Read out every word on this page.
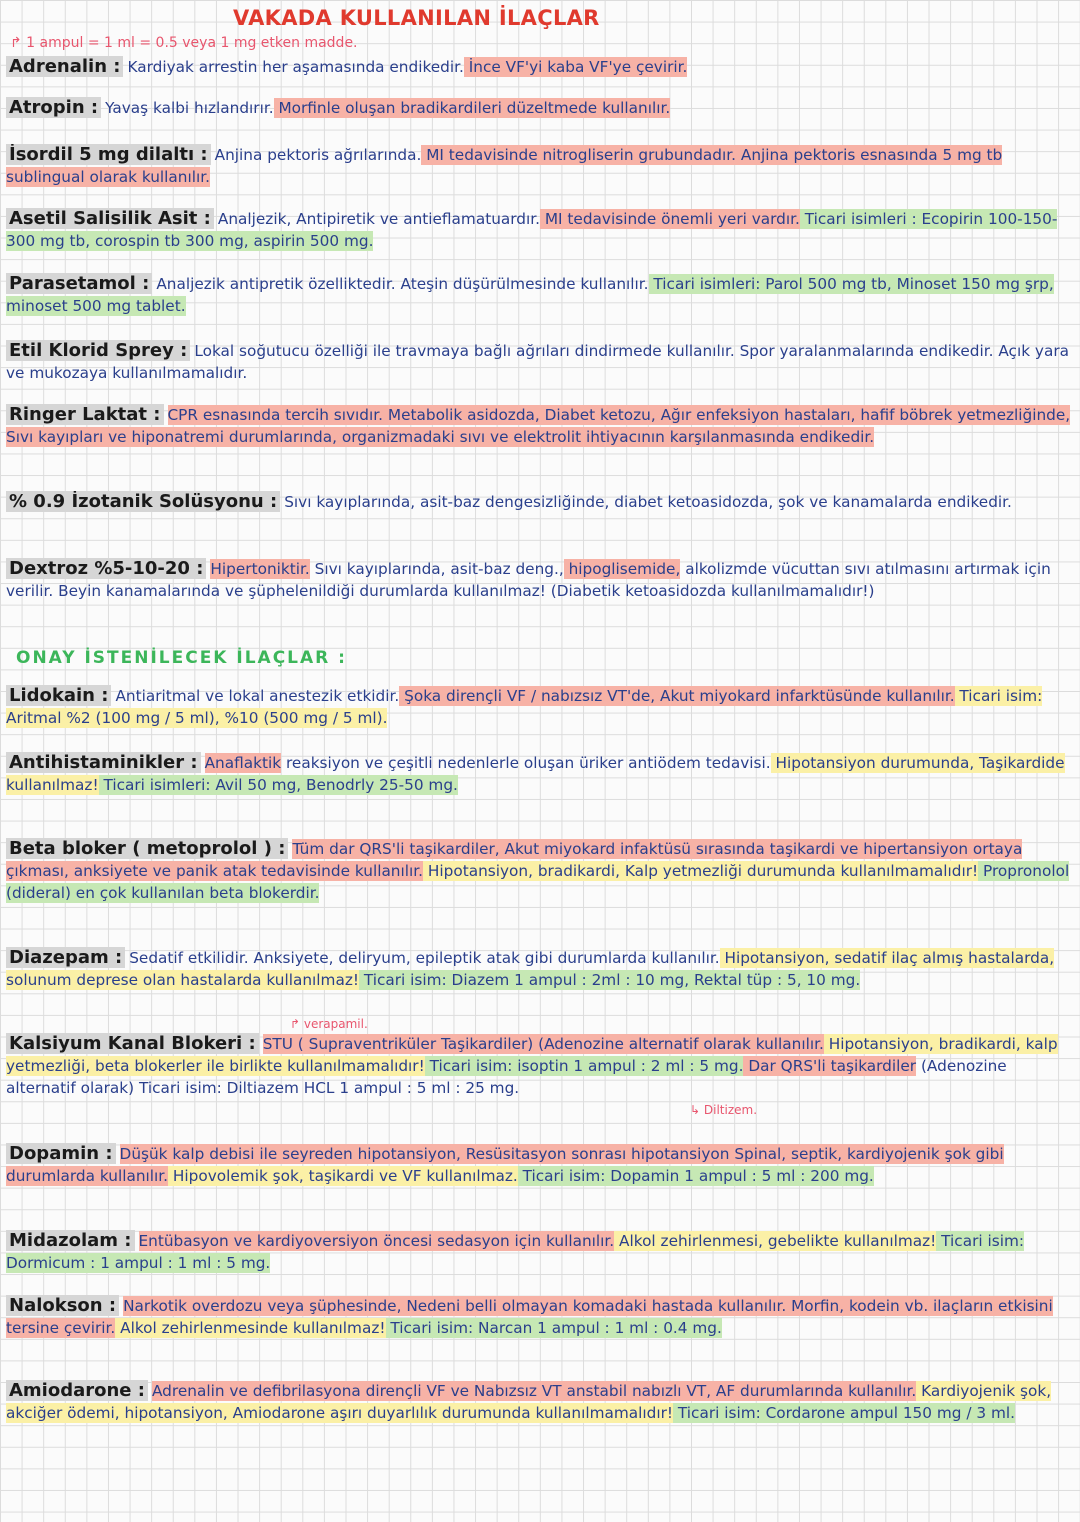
VAKADA KULLANILAN İLAÇLAR
↱ 1 ampul = 1 ml = 0.5 veya 1 mg etken madde.
Adrenalin : Kardiyak arrestin her aşamasında endikedir. İnce VF'yi kaba VF'ye çevirir.
Atropin : Yavaş kalbi hızlandırır. Morfinle oluşan bradikardileri düzeltmede kullanılır.
İsordil 5 mg dilaltı : Anjina pektoris ağrılarında. MI tedavisinde nitrogliserin grubundadır. Anjina pektoris esnasında 5 mg tb sublingual olarak kullanılır.
Asetil Salisilik Asit : Analjezik, Antipiretik ve antieflamatuardır. MI tedavisinde önemli yeri vardır. Ticari isimleri : Ecopirin 100-150-300 mg tb, corospin tb 300 mg, aspirin 500 mg.
Parasetamol : Analjezik antipretik özelliktedir. Ateşin düşürülmesinde kullanılır. Ticari isimleri: Parol 500 mg tb, Minoset 150 mg şrp, minoset 500 mg tablet.
Etil Klorid Sprey : Lokal soğutucu özelliği ile travmaya bağlı ağrıları dindirmede kullanılır. Spor yaralanmalarında endikedir. Açık yara ve mukozaya kullanılmamalıdır.
Ringer Laktat : CPR esnasında tercih sıvıdır. Metabolik asidozda, Diabet ketozu, Ağır enfeksiyon hastaları, hafif böbrek yetmezliğinde, Sıvı kayıpları ve hiponatremi durumlarında, organizmadaki sıvı ve elektrolit ihtiyacının karşılanmasında endikedir.
% 0.9 İzotanik Solüsyonu : Sıvı kayıplarında, asit-baz dengesizliğinde, diabet ketoasidozda, şok ve kanamalarda endikedir.
Dextroz %5-10-20 : Hipertoniktir. Sıvı kayıplarında, asit-baz deng., hipoglisemide, alkolizmde vücuttan sıvı atılmasını artırmak için verilir. Beyin kanamalarında ve şüphelenildiği durumlarda kullanılmaz! (Diabetik ketoasidozda kullanılmamalıdır!)
Lidokain : Antiaritmal ve lokal anestezik etkidir. Şoka dirençli VF / nabızsız VT'de, Akut miyokard infarktüsünde kullanılır. Ticari isim: Aritmal %2 (100 mg / 5 ml), %10 (500 mg / 5 ml).
Antihistaminikler : Anaflaktik reaksiyon ve çeşitli nedenlerle oluşan üriker antiödem tedavisi. Hipotansiyon durumunda, Taşikardide kullanılmaz! Ticari isimleri: Avil 50 mg, Benodrly 25-50 mg.
Beta bloker ( metoprolol ) : Tüm dar QRS'li taşikardiler, Akut miyokard infaktüsü sırasında taşikardi ve hipertansiyon ortaya çıkması, anksiyete ve panik atak tedavisinde kullanılır. Hipotansiyon, bradikardi, Kalp yetmezliği durumunda kullanılmamalıdır! Propronolol (dideral) en çok kullanılan beta blokerdir.
Diazepam : Sedatif etkilidir. Anksiyete, deliryum, epileptik atak gibi durumlarda kullanılır. Hipotansiyon, sedatif ilaç almış hastalarda, solunum deprese olan hastalarda kullanılmaz! Ticari isim: Diazem 1 ampul : 2ml : 10 mg, Rektal tüp : 5, 10 mg.
Kalsiyum Kanal Blokeri : STU ( Supraventriküler Taşikardiler) (Adenozine alternatif olarak kullanılır. Hipotansiyon, bradikardi, kalp yetmezliği, beta blokerler ile birlikte kullanılmamalıdır! Ticari isim: isoptin 1 ampul : 2 ml : 5 mg. Dar QRS'li taşikardiler (Adenozine alternatif olarak) Ticari isim: Diltiazem HCL 1 ampul : 5 ml : 25 mg.
Dopamin : Düşük kalp debisi ile seyreden hipotansiyon, Resüsitasyon sonrası hipotansiyon Spinal, septik, kardiyojenik şok gibi durumlarda kullanılır. Hipovolemik şok, taşikardi ve VF kullanılmaz. Ticari isim: Dopamin 1 ampul : 5 ml : 200 mg.
Midazolam : Entübasyon ve kardiyoversiyon öncesi sedasyon için kullanılır. Alkol zehirlenmesi, gebelikte kullanılmaz! Ticari isim: Dormicum : 1 ampul : 1 ml : 5 mg.
Nalokson : Narkotik overdozu veya şüphesinde, Nedeni belli olmayan komadaki hastada kullanılır. Morfin, kodein vb. ilaçların etkisini tersine çevirir. Alkol zehirlenmesinde kullanılmaz! Ticari isim: Narcan 1 ampul : 1 ml : 0.4 mg.
Amiodarone : Adrenalin ve defibrilasyona dirençli VF ve Nabızsız VT anstabil nabızlı VT, AF durumlarında kullanılır. Kardiyojenik şok, akciğer ödemi, hipotansiyon, Amiodarone aşırı duyarlılık durumunda kullanılmamalıdır! Ticari isim: Cordarone ampul 150 mg / 3 ml.
ONAY İSTENİLECEK İLAÇLAR :
↱ verapamil.
↳ Diltizem.
